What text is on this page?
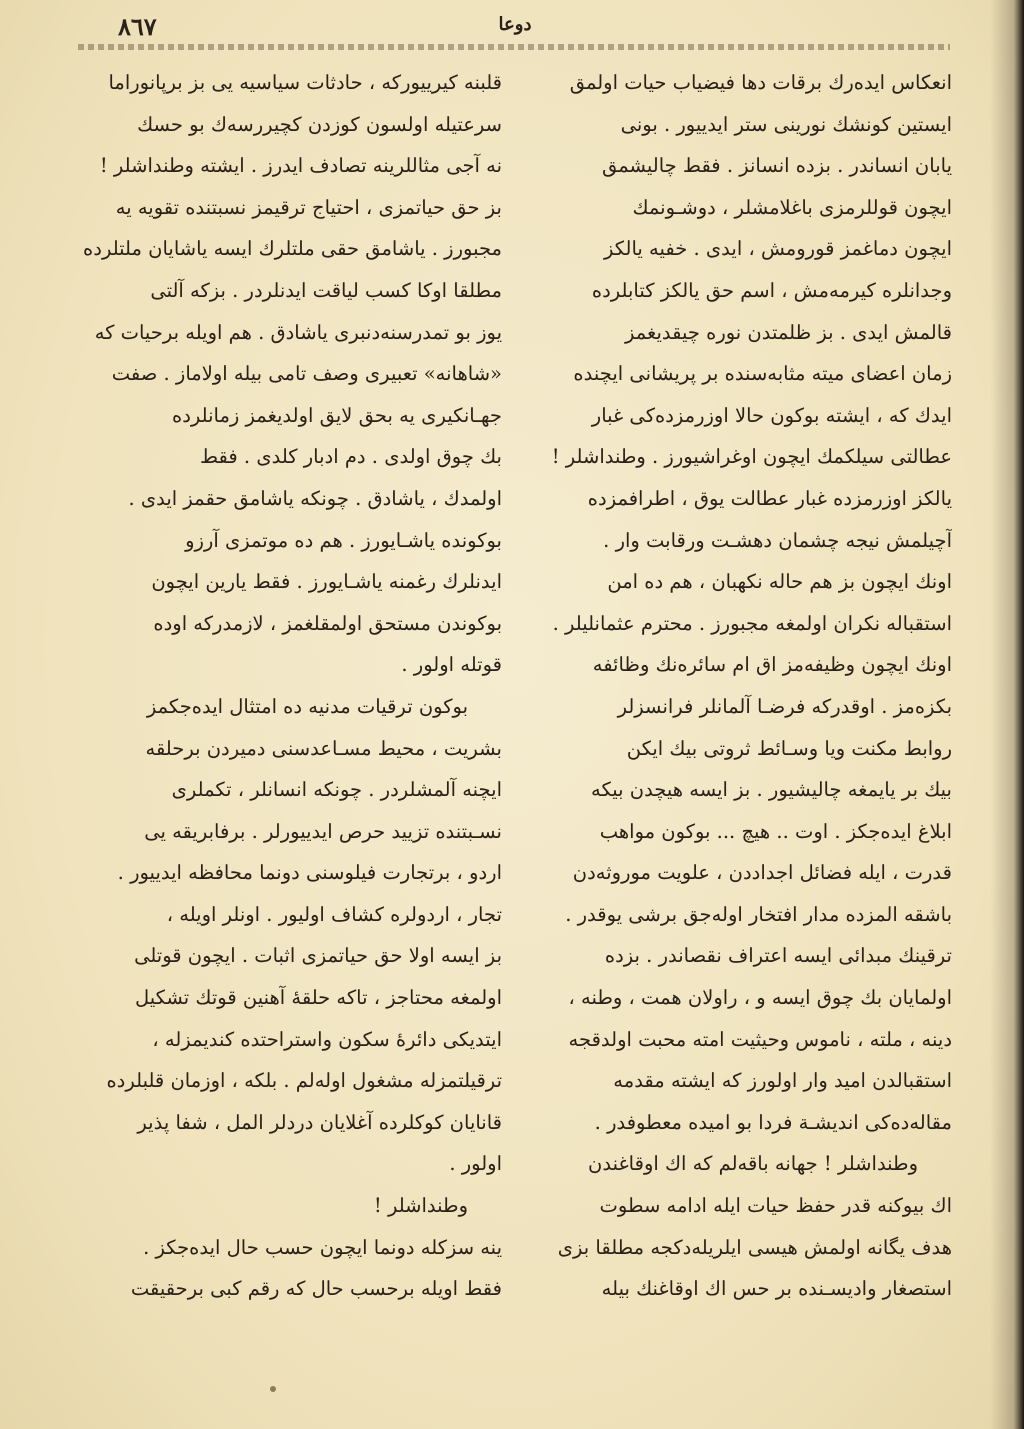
٨٦٧	دوعا
انعكاس ايدەرك برقات دها فيضياب حيات اولمق
ايستين كونشك نورينى ستر ايدييور . بونى
يابان انساندر . بزدە انسانز . فقط چاليشمق
ايچون قوللرمزى باغلامشلر ، دوشـونمك
ايچون دماغمز قورومش ، ايدى . خفيه يالكز
وجدانلرە كيرمەمش ، اسم حق يالكز كتابلردە
قالمش ايدى . بز ظلمتدن نورە چيقديغمز
زمان اعضاى ميته مثابەسندە بر پريشانى ايچندە
ايدك كه ، ايشته بوكون حالا اوزرمزدەكى غبار
عطالتى سيلكمك ايچون اوغراشيورز . وطنداشلر !
يالكز اوزرمزدە غبار عطالت يوق ، اطرافمزدە
آچيلمش نيجه چشمان دهشـت ورقابت وار .
اونك ايچون بز هم حالە نكهبان ، هم دە امن
استقبالە نكران اولمغە مجبورز . محترم عثمانليلر .
اونك ايچون وظيفەمز اق ام سائرەنك وظائفه
بكزەمز . اوقدركه فرضـا آلمانلر فرانسزلر
روابط مكنت ويا وسـائط ثروتى بيك ايكن
بيك بر يايمغه چاليشيور . بز ايسه هيچدن بيكه
ابلاغ ايدەجكز . اوت .. هيچ ... بوكون مواهب
قدرت ، ايله فضائل اجداددن ، علويت موروثەدن
باشقه المزدە مدار افتخار اولەجق برشى يوقدر .
ترقينك مبدائى ايسه اعتراف نقصاندر . بزدە
اولمايان بك چوق ايسه و ، راولان همت ، وطنه ،
دينه ، ملته ، ناموس وحيثيت امته محبت اولدقجه
استقبالدن اميد وار اولورز كه ايشته مقدمه
مقالەدەكى انديشـة فردا بو اميدە معطوفدر .
وطنداشلر ! جهانه باقەلم كه اك اوقاغندن
اك بيوكنه قدر حفظ حيات ايله ادامه سطوت
هدف يگانه اولمش هيسى ايلريلەدكجه مطلقا بزى
استصغار واديسـندە بر حس اك اوقاغنك بيله
قلبنه كيرييوركه ، حادثات سياسيه يى بز برپانوراما
سرعتيله اولسون كوزدن كچيررسەك بو حسك
نه آجى مثاللرينه تصادف ايدرز . ايشته وطنداشلر !
بز حق حياتمزى ، احتياج ترقيمز نسبتندە تقويه يه
مجبورز . ياشامق حقى ملتلرك ايسه ياشايان ملتلردە
مطلقا اوكا كسب لياقت ايدنلردر . بزكه آلتى
يوز بو تمدرسنەدنبرى ياشادق . هم اويله برحيات كه
«شاهانه» تعبيرى وصف تامى بيله اولاماز . صفت
جهـانكيرى يه بحق لايق اولديغمز زمانلردە
بك چوق اولدى . دم ادبار كلدى . فقط
اولمدك ، ياشادق . چونكه ياشامق حقمز ايدى .
بوكونده ياشـايورز . هم دە موتمزى آرزو
ايدنلرك رغمنه ياشـايورز . فقط يارين ايچون
بوكوندن مستحق اولمقلغمز ، لازمدركه اودە
قوتله اولور .
بوكون ترقيات مدنيه دە امتثال ايدەجكمز
بشريت ، محيط مسـاعدسنى دميردن برحلقه
ايچنه آلمشلردر . چونكه انسانلر ، تكملرى
نسـبتندە تزييد حرص ايدييورلر . برفابريقه يى
اردو ، برتجارت فيلوسنى دونما محافظه ايدييور .
تجار ، اردولرە كشاف اوليور . اونلر اويله ،
بز ايسه اولا حق حياتمزى اثبات . ايچون قوتلى
اولمغه محتاجز ، تاكه حلقهٔ آهنين قوتك تشكيل
ايتديكى دائرهٔ سكون واستراحتده كنديمزله ،
ترقيلتمزله مشغول اولەلم . بلكه ، اوزمان قلبلردە
قانايان كوكلردە آغلايان دردلر المل ، شفا پذير
اولور .
وطنداشلر !
ينه سزكلە دونما ايچون حسب حال ايدەجكز .
فقط اويله برحسب حال كه رقم كبى برحقيقت
